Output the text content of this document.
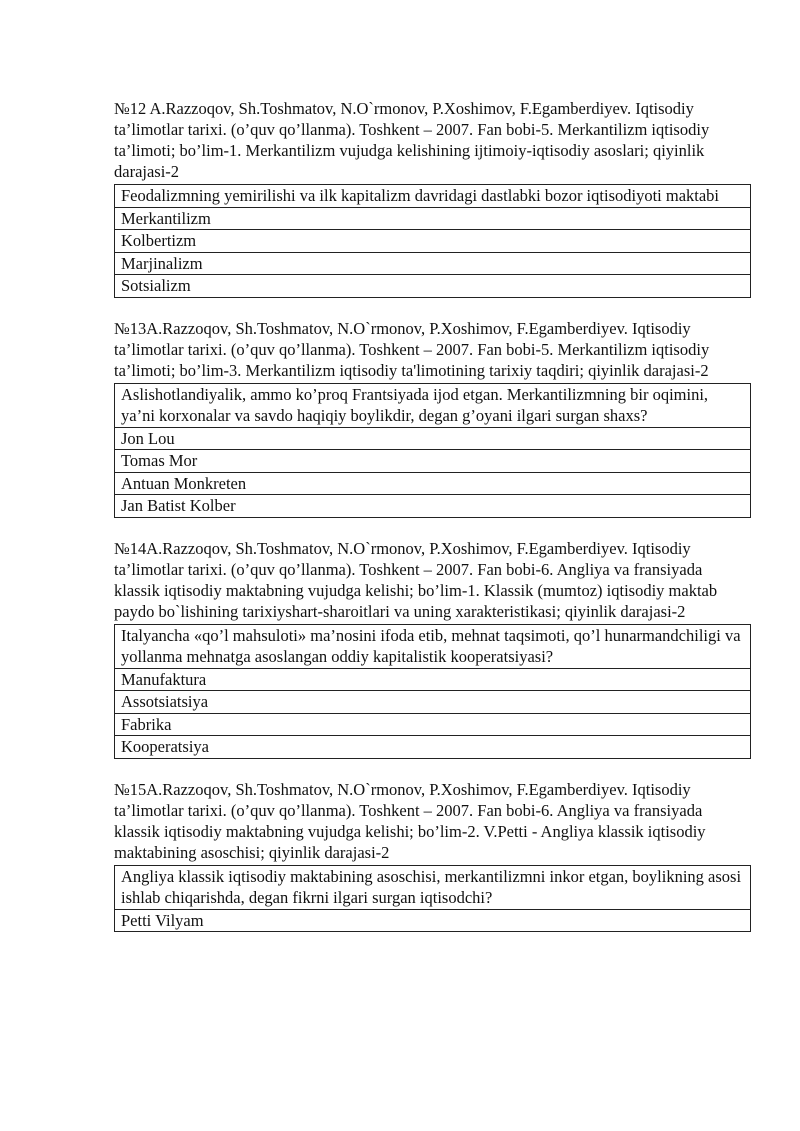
№12 A.Razzoqov, Sh.Toshmatov, N.O`rmonov, P.Xoshimov, F.Egamberdiyev. Iqtisodiy ta’limotlar tarixi. (o’quv qo’llanma). Toshkent – 2007. Fan bobi-5. Merkantilizm iqtisodiy ta’limoti; bo’lim-1. Merkantilizm vujudga kelishining ijtimoiy-iqtisodiy asoslari; qiyinlik darajasi-2

Feodalizmning yemirilishi va ilk kapitalizm davridagi dastlabki bozor iqtisodiyoti maktabi
Merkantilizm
Kolbertizm
Marjinalizm
Sotsializm

№13A.Razzoqov, Sh.Toshmatov, N.O`rmonov, P.Xoshimov, F.Egamberdiyev. Iqtisodiy ta’limotlar tarixi. (o’quv qo’llanma). Toshkent – 2007. Fan bobi-5. Merkantilizm iqtisodiy ta’limoti; bo’lim-3. Merkantilizm iqtisodiy ta'limotining tarixiy taqdiri; qiyinlik darajasi-2

Aslishotlandiyalik, ammo ko’proq Frantsiyada ijod etgan. Merkantilizmning bir oqimini, ya’ni korxonalar va savdo haqiqiy boylikdir, degan g’oyani ilgari surgan shaxs?
Jon Lou
Tomas Mor
Antuan Monkreten
Jan Batist Kolber

№14A.Razzoqov, Sh.Toshmatov, N.O`rmonov, P.Xoshimov, F.Egamberdiyev. Iqtisodiy ta’limotlar tarixi. (o’quv qo’llanma). Toshkent – 2007. Fan bobi-6. Angliya va fransiyada klassik iqtisodiy maktabning vujudga kelishi; bo’lim-1. Klassik (mumtoz) iqtisodiy maktab paydo bo`lishining tarixiyshart-sharoitlari va uning xarakteristikasi; qiyinlik darajasi-2

Italyancha «qo’l mahsuloti» ma’nosini ifoda etib, mehnat taqsimoti, qo’l hunarmandchiligi va yollanma mehnatga asoslangan oddiy kapitalistik kooperatsiyasi?
Manufaktura
Assotsiatsiya
Fabrika
Kooperatsiya

№15A.Razzoqov, Sh.Toshmatov, N.O`rmonov, P.Xoshimov, F.Egamberdiyev. Iqtisodiy ta’limotlar tarixi. (o’quv qo’llanma). Toshkent – 2007. Fan bobi-6. Angliya va fransiyada klassik iqtisodiy maktabning vujudga kelishi; bo’lim-2. V.Petti - Angliya klassik iqtisodiy maktabining asoschisi; qiyinlik darajasi-2

Angliya klassik iqtisodiy maktabining asoschisi, merkantilizmni inkor etgan, boylikning asosi ishlab chiqarishda, degan fikrni ilgari surgan iqtisodchi?
Petti Vilyam
